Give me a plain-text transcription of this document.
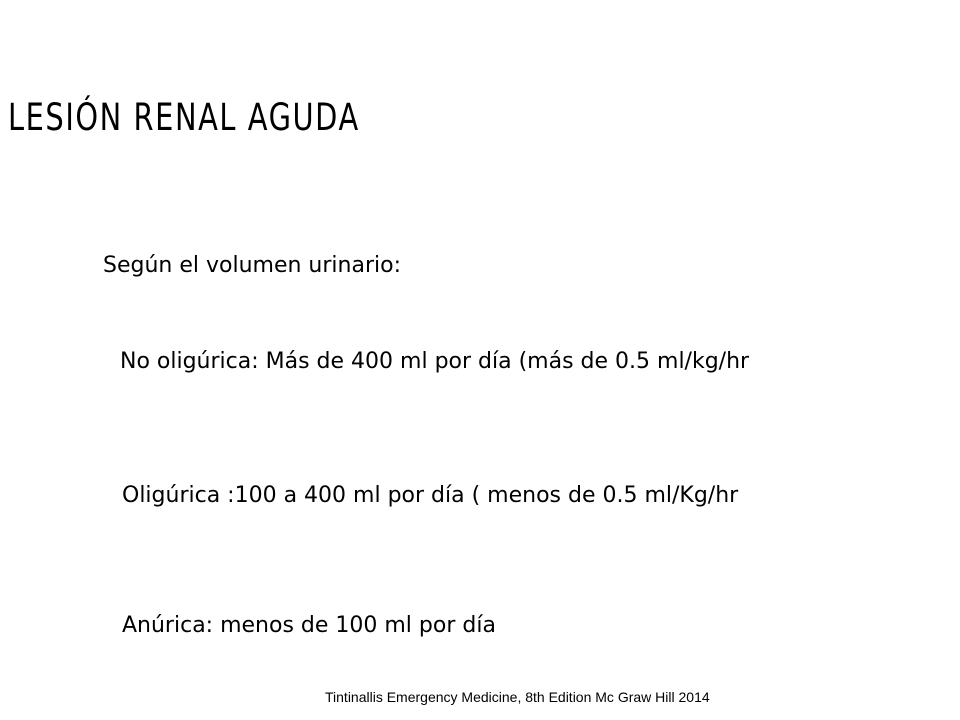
LESIÓN RENAL AGUDA

Según el volumen urinario:

No oligúrica: Más de 400 ml por día (más de 0.5 ml/kg/hr

Oligúrica :100 a 400 ml por día ( menos de 0.5 ml/Kg/hr

Anúrica: menos de 100 ml por día

Tintinallis Emergency Medicine, 8th Edition Mc Graw Hill 2014
